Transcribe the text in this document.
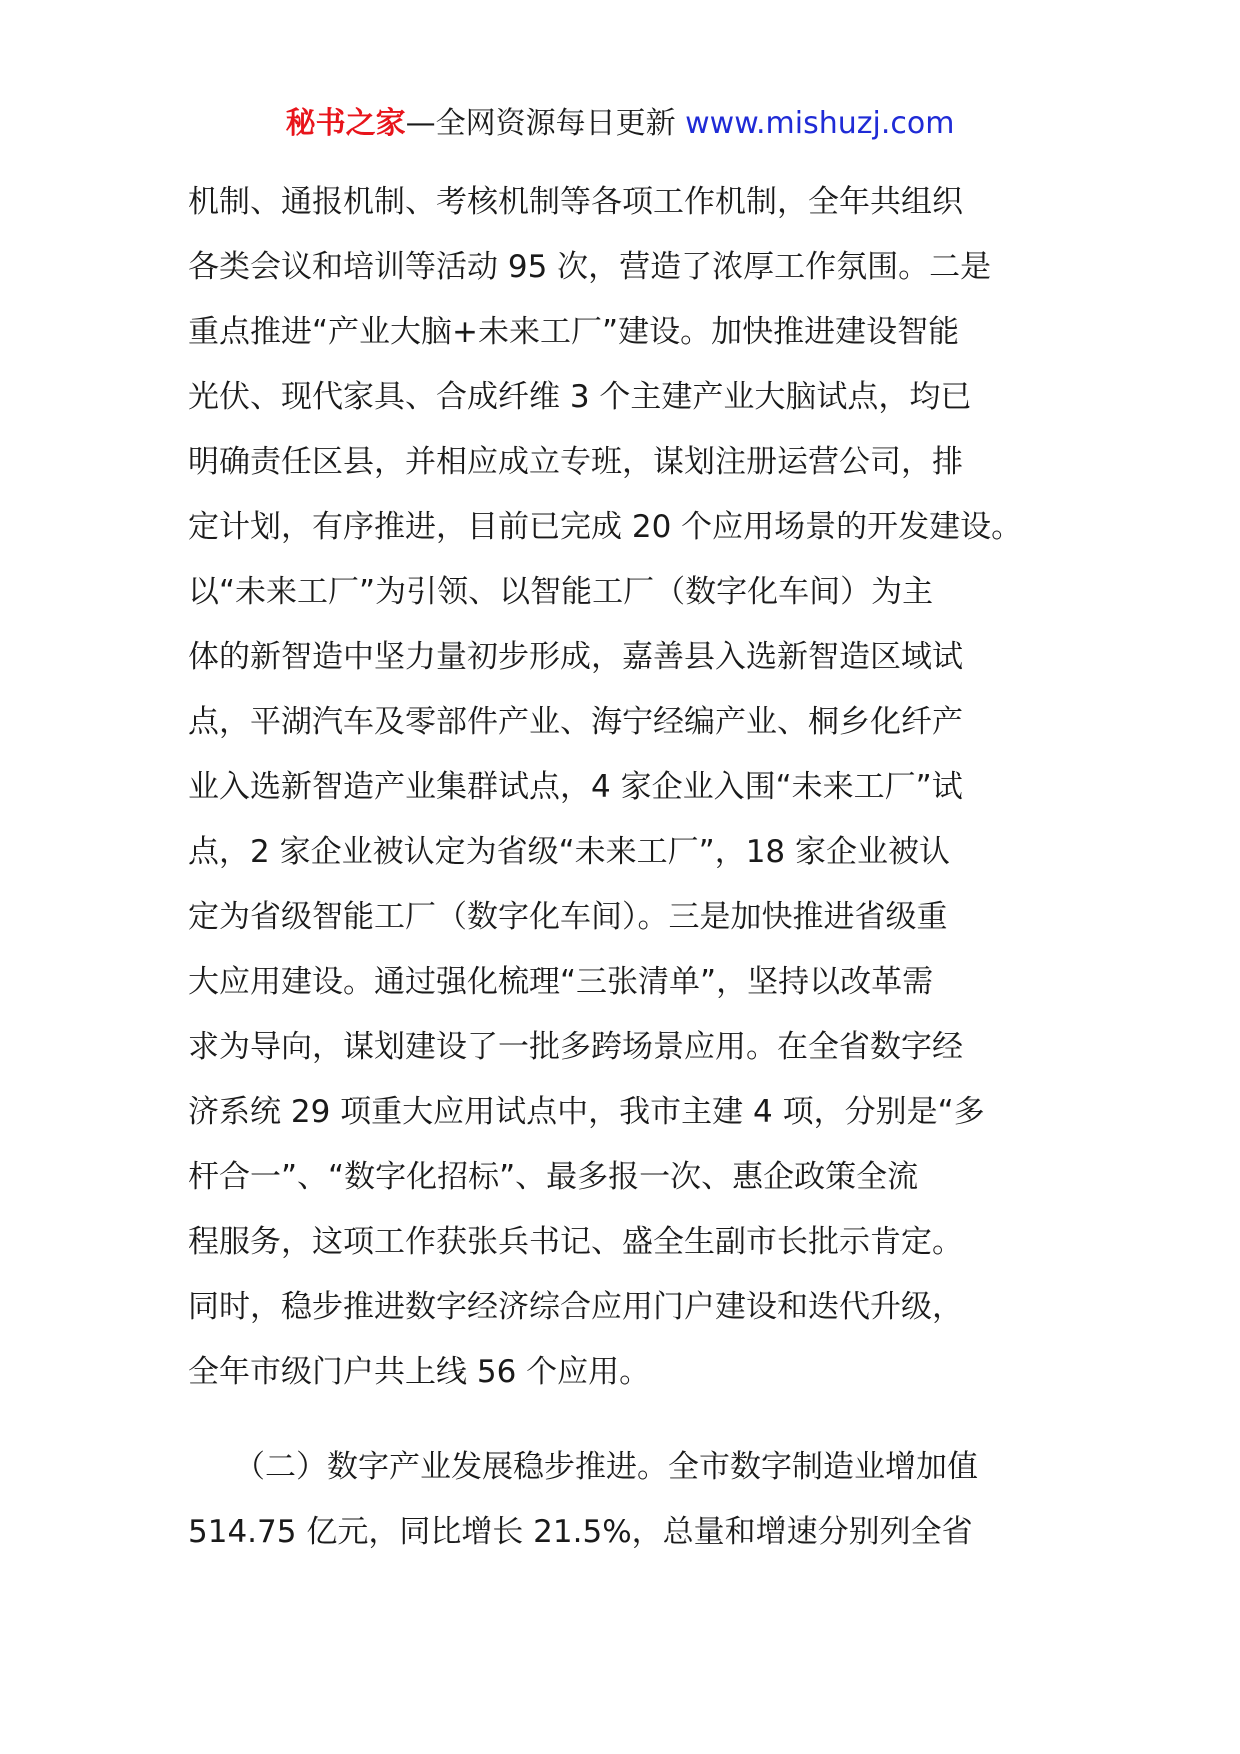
秘书之家—全网资源每日更新 www.mishuzj.com
机制、通报机制、考核机制等各项工作机制，全年共组织
各类会议和培训等活动 95 次，营造了浓厚工作氛围。二是
重点推进“产业大脑+未来工厂”建设。加快推进建设智能
光伏、现代家具、合成纤维 3 个主建产业大脑试点，均已
明确责任区县，并相应成立专班，谋划注册运营公司，排
定计划，有序推进，目前已完成 20 个应用场景的开发建设。
以“未来工厂”为引领、以智能工厂（数字化车间）为主
体的新智造中坚力量初步形成，嘉善县入选新智造区域试
点，平湖汽车及零部件产业、海宁经编产业、桐乡化纤产
业入选新智造产业集群试点，4 家企业入围“未来工厂”试
点，2 家企业被认定为省级“未来工厂”，18 家企业被认
定为省级智能工厂（数字化车间）。三是加快推进省级重
大应用建设。通过强化梳理“三张清单”，坚持以改革需
求为导向，谋划建设了一批多跨场景应用。在全省数字经
济系统 29 项重大应用试点中，我市主建 4 项，分别是“多
杆合一”、“数字化招标”、最多报一次、惠企政策全流
程服务，这项工作获张兵书记、盛全生副市长批示肯定。
同时，稳步推进数字经济综合应用门户建设和迭代升级，
全年市级门户共上线 56 个应用。
（二）数字产业发展稳步推进。全市数字制造业增加值
514.75 亿元，同比增长 21.5%，总量和增速分别列全省
